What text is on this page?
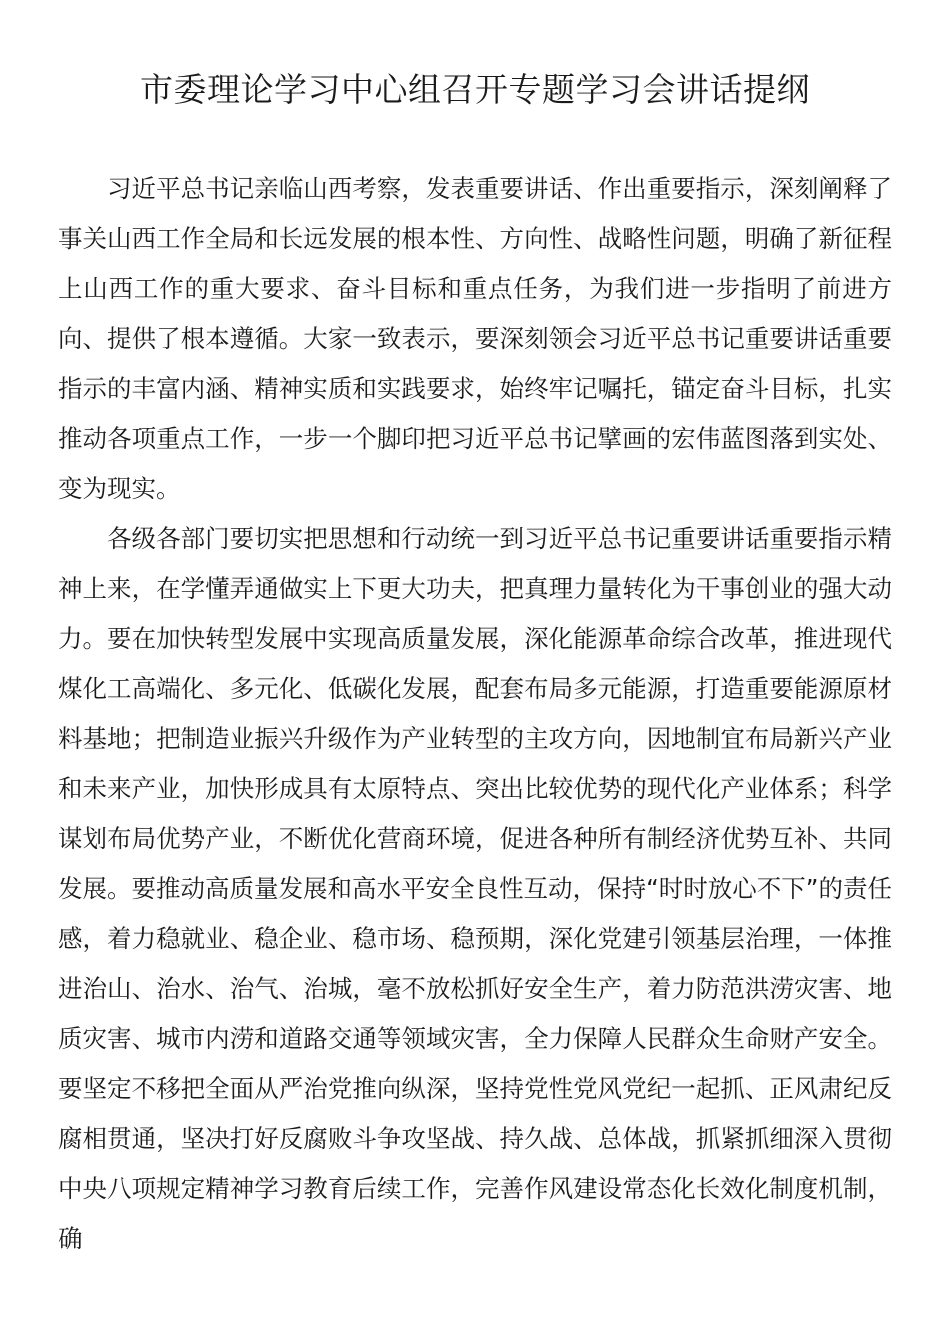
市委理论学习中心组召开专题学习会讲话提纲

习近平总书记亲临山西考察，发表重要讲话、作出重要指示，深刻阐释了事关山西工作全局和长远发展的根本性、方向性、战略性问题，明确了新征程上山西工作的重大要求、奋斗目标和重点任务，为我们进一步指明了前进方向、提供了根本遵循。大家一致表示，要深刻领会习近平总书记重要讲话重要指示的丰富内涵、精神实质和实践要求，始终牢记嘱托，锚定奋斗目标，扎实推动各项重点工作，一步一个脚印把习近平总书记擘画的宏伟蓝图落到实处、变为现实。

各级各部门要切实把思想和行动统一到习近平总书记重要讲话重要指示精神上来，在学懂弄通做实上下更大功夫，把真理力量转化为干事创业的强大动力。要在加快转型发展中实现高质量发展，深化能源革命综合改革，推进现代煤化工高端化、多元化、低碳化发展，配套布局多元能源，打造重要能源原材料基地；把制造业振兴升级作为产业转型的主攻方向，因地制宜布局新兴产业和未来产业，加快形成具有太原特点、突出比较优势的现代化产业体系；科学谋划布局优势产业，不断优化营商环境，促进各种所有制经济优势互补、共同发展。要推动高质量发展和高水平安全良性互动，保持“时时放心不下”的责任感，着力稳就业、稳企业、稳市场、稳预期，深化党建引领基层治理，一体推进治山、治水、治气、治城，毫不放松抓好安全生产，着力防范洪涝灾害、地质灾害、城市内涝和道路交通等领域灾害，全力保障人民群众生命财产安全。要坚定不移把全面从严治党推向纵深，坚持党性党风党纪一起抓、正风肃纪反腐相贯通，坚决打好反腐败斗争攻坚战、持久战、总体战，抓紧抓细深入贯彻中央八项规定精神学习教育后续工作，完善作风建设常态化长效化制度机制，确
